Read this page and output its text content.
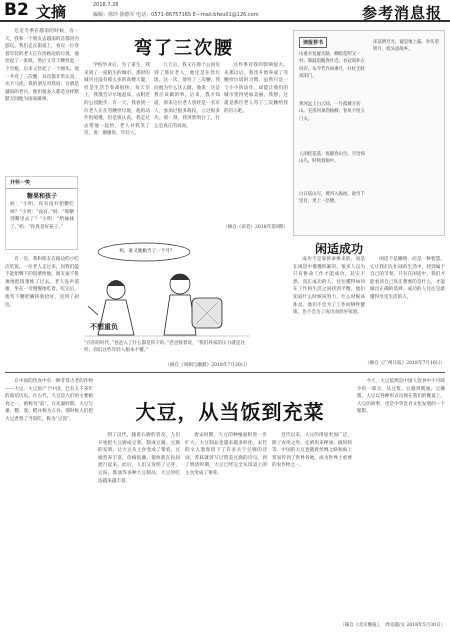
B2 文摘	2018.7.28
编辑：徐玲 徐德军 电话：0571-86757165 E—mail:bfwu01@126.com	参考消息报
弯了三次腰

还是冬季在越南的时候，有一天，我和一个朋友去越南的首都河内游玩。我们走在街道上，看见一位穿着军装的老人正在捡路边的垃圾，他捡起了一张纸，然后又弯下腰捡起一个空瓶，后来又捡起了一个烟头。他一共弯了三次腰，每次都非常认真，从不马虎。我的朋友对我说：这就是越南的老兵，他们很多人都是这样默默无闻地为国家做事。

学校毕业后，为了谋生，我来到了一座陌生的城市。那时的城市还没有那么多的高楼大厦，但是生活节奏却很快。每天早上，我都会早早地起床，去附近的公园跑步。有一天，我看到一位老人正在弯腰捡垃圾，他的动作很缓慢，但是很认真。我走过去帮他一起捡，老人对我笑了笑，说：谢谢你，年轻人。

几天后，我又在那个公园见到了那位老人，他还是在捡垃圾。这一次，他弯了三次腰，我问他为什么这么做，他说：这是我应该做的事。后来，我才知道，原来这位老人曾经是一名军人，参加过很多战役，立过很多功。那一刻，我突然明白了，什么是真正的高尚。

这件事对我的影响很大。从那以后，我也开始养成了弯腰捡垃圾的习惯。虽然只是一个小小的动作，却能让我们的城市变得更加美丽。我想，这就是那位老人弯了三次腰给我的启示吧。

（摘自《读者》2018年第9期）
读报荐书
山重水复疑无路，柳暗花明又一村。箫鼓追随春社近，衣冠简朴古风存。从今若许闲乘月，拄杖无时夜叩门。
黄河远上白云间，一片孤城万仞山。羌笛何须怨杨柳，春风不度玉门关。
人闲桂花落，夜静春山空。月出惊山鸟，时鸣春涧中。
白日依山尽，黄河入海流。欲穷千里目，更上一层楼。
床前明月光，疑是地上霜。举头望明月，低头思故乡。
开怀一笑
糖果和孩子
妈：“小明，你有没有把糖吃掉？”小明：“没有。”妈：“那糖到哪里去了？”小明：“给妹妹了。”妈：“你真是好孩子。”

有一次，我和朋友在路边的小吃店吃饭。一位老人走过来，问我们能不能把剩下的饭菜给他。朋友毫不犹豫地把饭菜推了过去。老人连声道谢，坐在一旁慢慢地吃着。吃完后，他弯下腰把碗筷收拾好，送到了厨房。

妈，谁又偷偷当了一个月？
不想重负
“在你的时代，”爸爸入了什么都是你干的。”老爸接着说，“我们养家的压力就是这样，你们这些年轻人根本不懂。”
（摘自《讽刺与幽默》2018年7月20日）
闲适成功

成功不是靠拼命换来的，而是在闲适中慢慢积累的。很多人以为只有拼命工作才能成功，其实不然。真正成功的人，往往懂得如何在工作和生活之间找到平衡。他们知道什么时候该努力，什么时候该休息。他们不会为了工作而牺牲健康，也不会为了成功而放弃家庭。

闲适不是懒惰，而是一种智慧。它让我们在忙碌的生活中，找到属于自己的节奏。只有在闲适中，我们才能看清自己真正想要的是什么，才能做出正确的选择。成功的人往往是最懂得享受生活的人。

（摘自《广州日报》2018年7月16日）
大豆，从当饭到充菜

在中国的饮食中有一种非常古老的作物——大豆。大豆原产于中国，已有五千多年的栽培历史。在古代，大豆是人们的主要粮食之一，被称为“菽”。在先秦时期，大豆与黍、稷、麦、稻并称为五谷。那时候人们把大豆煮熟了当饭吃，称为“豆饭”。

到了汉代，随着石磨的普及，人们开始把大豆磨成豆浆，制成豆腐。豆腐的发明，让大豆从主食变成了菜肴。豆腐营养丰富，价格低廉，很快就在民间流行起来。此后，人们又发明了豆芽、豆豉、酱油等多种大豆制品，大豆的吃法越来越丰富。

唐宋时期，大豆的种植面积进一步扩大，大豆制品也越来越多样化。宋代的文人墨客留下了许多关于豆腐的诗词，苏轼就曾写过赞美豆腐的诗句。到了明清时期，大豆已经完全从饭桌上的主食变成了菜肴。

近代以来，大豆的用途更加广泛，除了食用之外，还被用来榨油、做饲料等。中国的大豆也随着丝绸之路和海上贸易传到了世界各地，成为世界上重要的农作物之一。

今天，大豆依然是中国人饮食中不可缺少的一部分。从豆浆、豆腐到酱油、豆瓣酱，大豆以各种形式出现在我们的餐桌上。大豆的故事，也是中华饮食文化发展的一个缩影。

（摘自《北京晚报》， 周克越/文 2018年5月30日）
